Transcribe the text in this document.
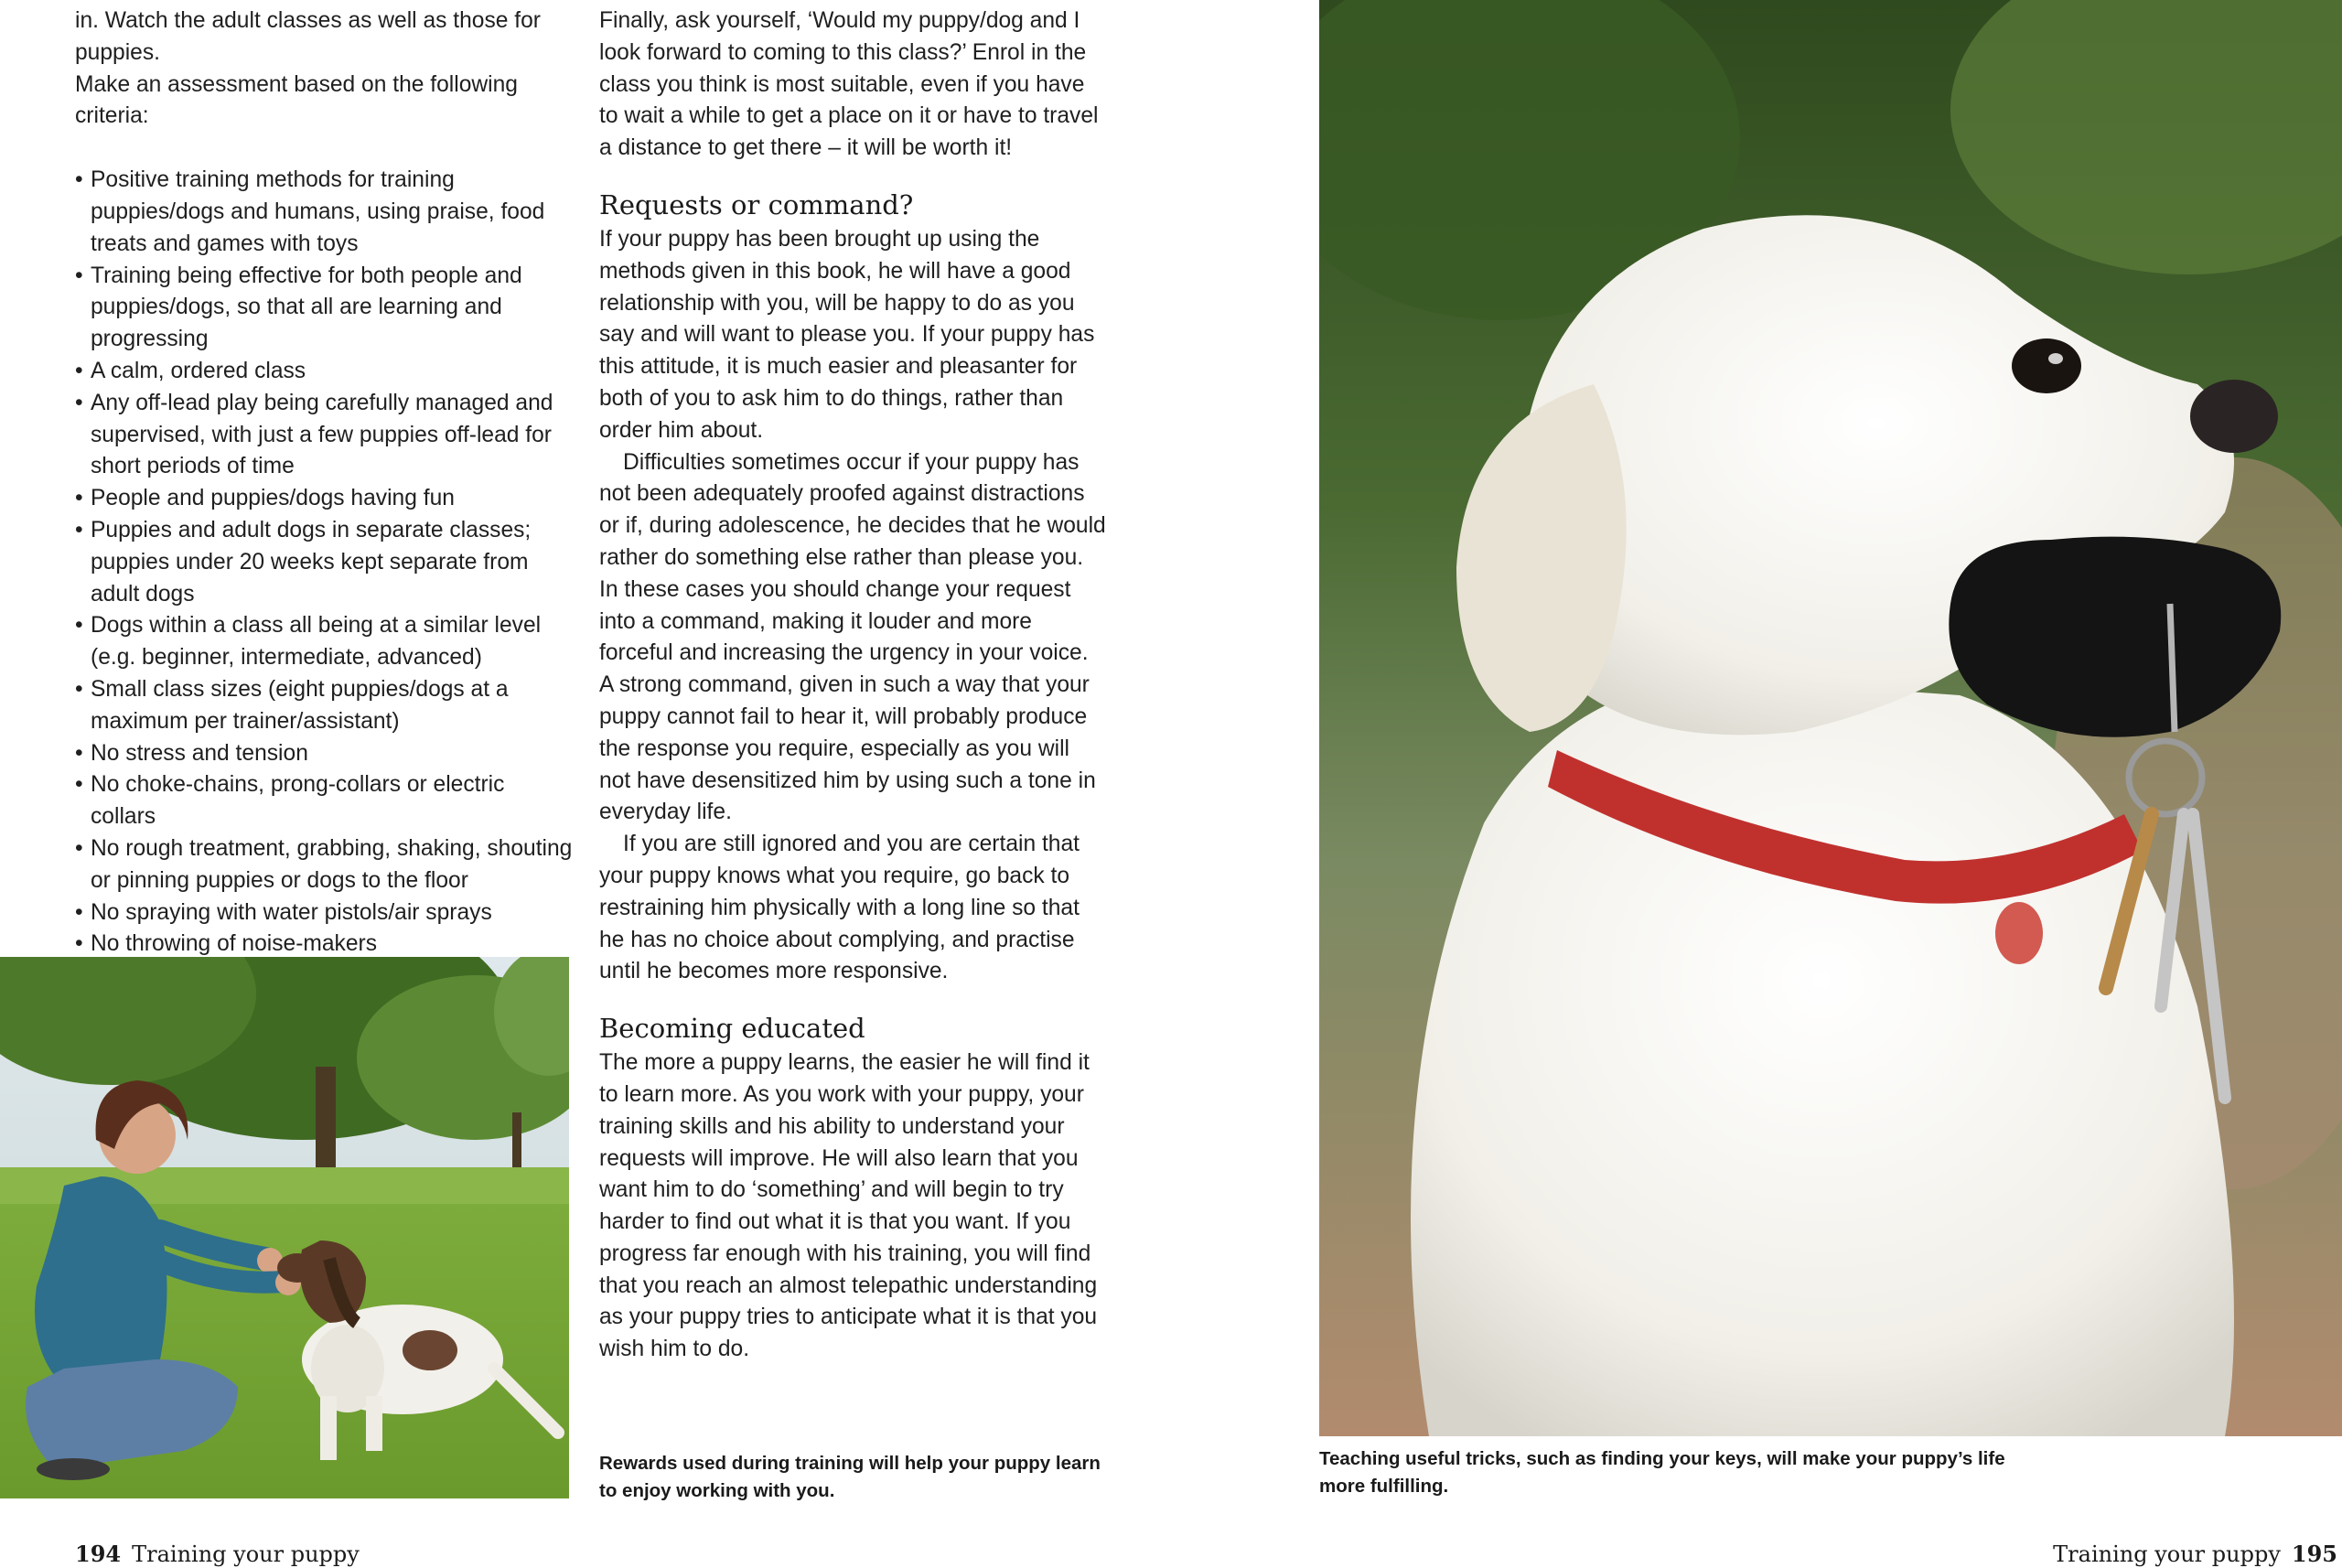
in. Watch the adult classes as well as those for puppies.

Make an assessment based on the following criteria:

• Positive training methods for training puppies/dogs and humans, using praise, food treats and games with toys
• Training being effective for both people and puppies/dogs, so that all are learning and progressing
• A calm, ordered class
• Any off-lead play being carefully managed and supervised, with just a few puppies off-lead for short periods of time
• People and puppies/dogs having fun
• Puppies and adult dogs in separate classes; puppies under 20 weeks kept separate from adult dogs
• Dogs within a class all being at a similar level (e.g. beginner, intermediate, advanced)
• Small class sizes (eight puppies/dogs at a maximum per trainer/assistant)
• No stress and tension
• No choke-chains, prong-collars or electric collars
• No rough treatment, grabbing, shaking, shouting or pinning puppies or dogs to the floor
• No spraying with water pistols/air sprays
• No throwing of noise-makers
•

Finally, ask yourself, ‘Would my puppy/dog and I look forward to coming to this class?’ Enrol in the class you think is most suitable, even if you have to wait a while to get a place on it or have to travel a distance to get there – it will be worth it!

Requests or command?

If your puppy has been brought up using the methods given in this book, he will have a good relationship with you, will be happy to do as you say and will want to please you. If your puppy has this attitude, it is much easier and pleasanter for both of you to ask him to do things, rather than order him about.

Difficulties sometimes occur if your puppy has not been adequately proofed against distractions or if, during adolescence, he decides that he would rather do something else rather than please you. In these cases you should change your request into a command, making it louder and more forceful and increasing the urgency in your voice. A strong command, given in such a way that your puppy cannot fail to hear it, will probably produce the response you require, especially as you will not have desensitized him by using such a tone in everyday life.

If you are still ignored and you are certain that your puppy knows what you require, go back to restraining him physically with a long line so that he has no choice about complying, and practise until he becomes more responsive.

Becoming educated

The more a puppy learns, the easier he will find it to learn more. As you work with your puppy, your training skills and his ability to understand your requests will improve. He will also learn that you want him to do ‘something’ and will begin to try harder to find out what it is that you want. If you progress far enough with his training, you will find that you reach an almost telepathic understanding as your puppy tries to anticipate what it is that you wish him to do.

Rewards used during training will help your puppy learn to enjoy working with you.
Teaching useful tricks, such as finding your keys, will make your puppy’s life more fulfilling.
194 Training your puppy	Training your puppy 195
